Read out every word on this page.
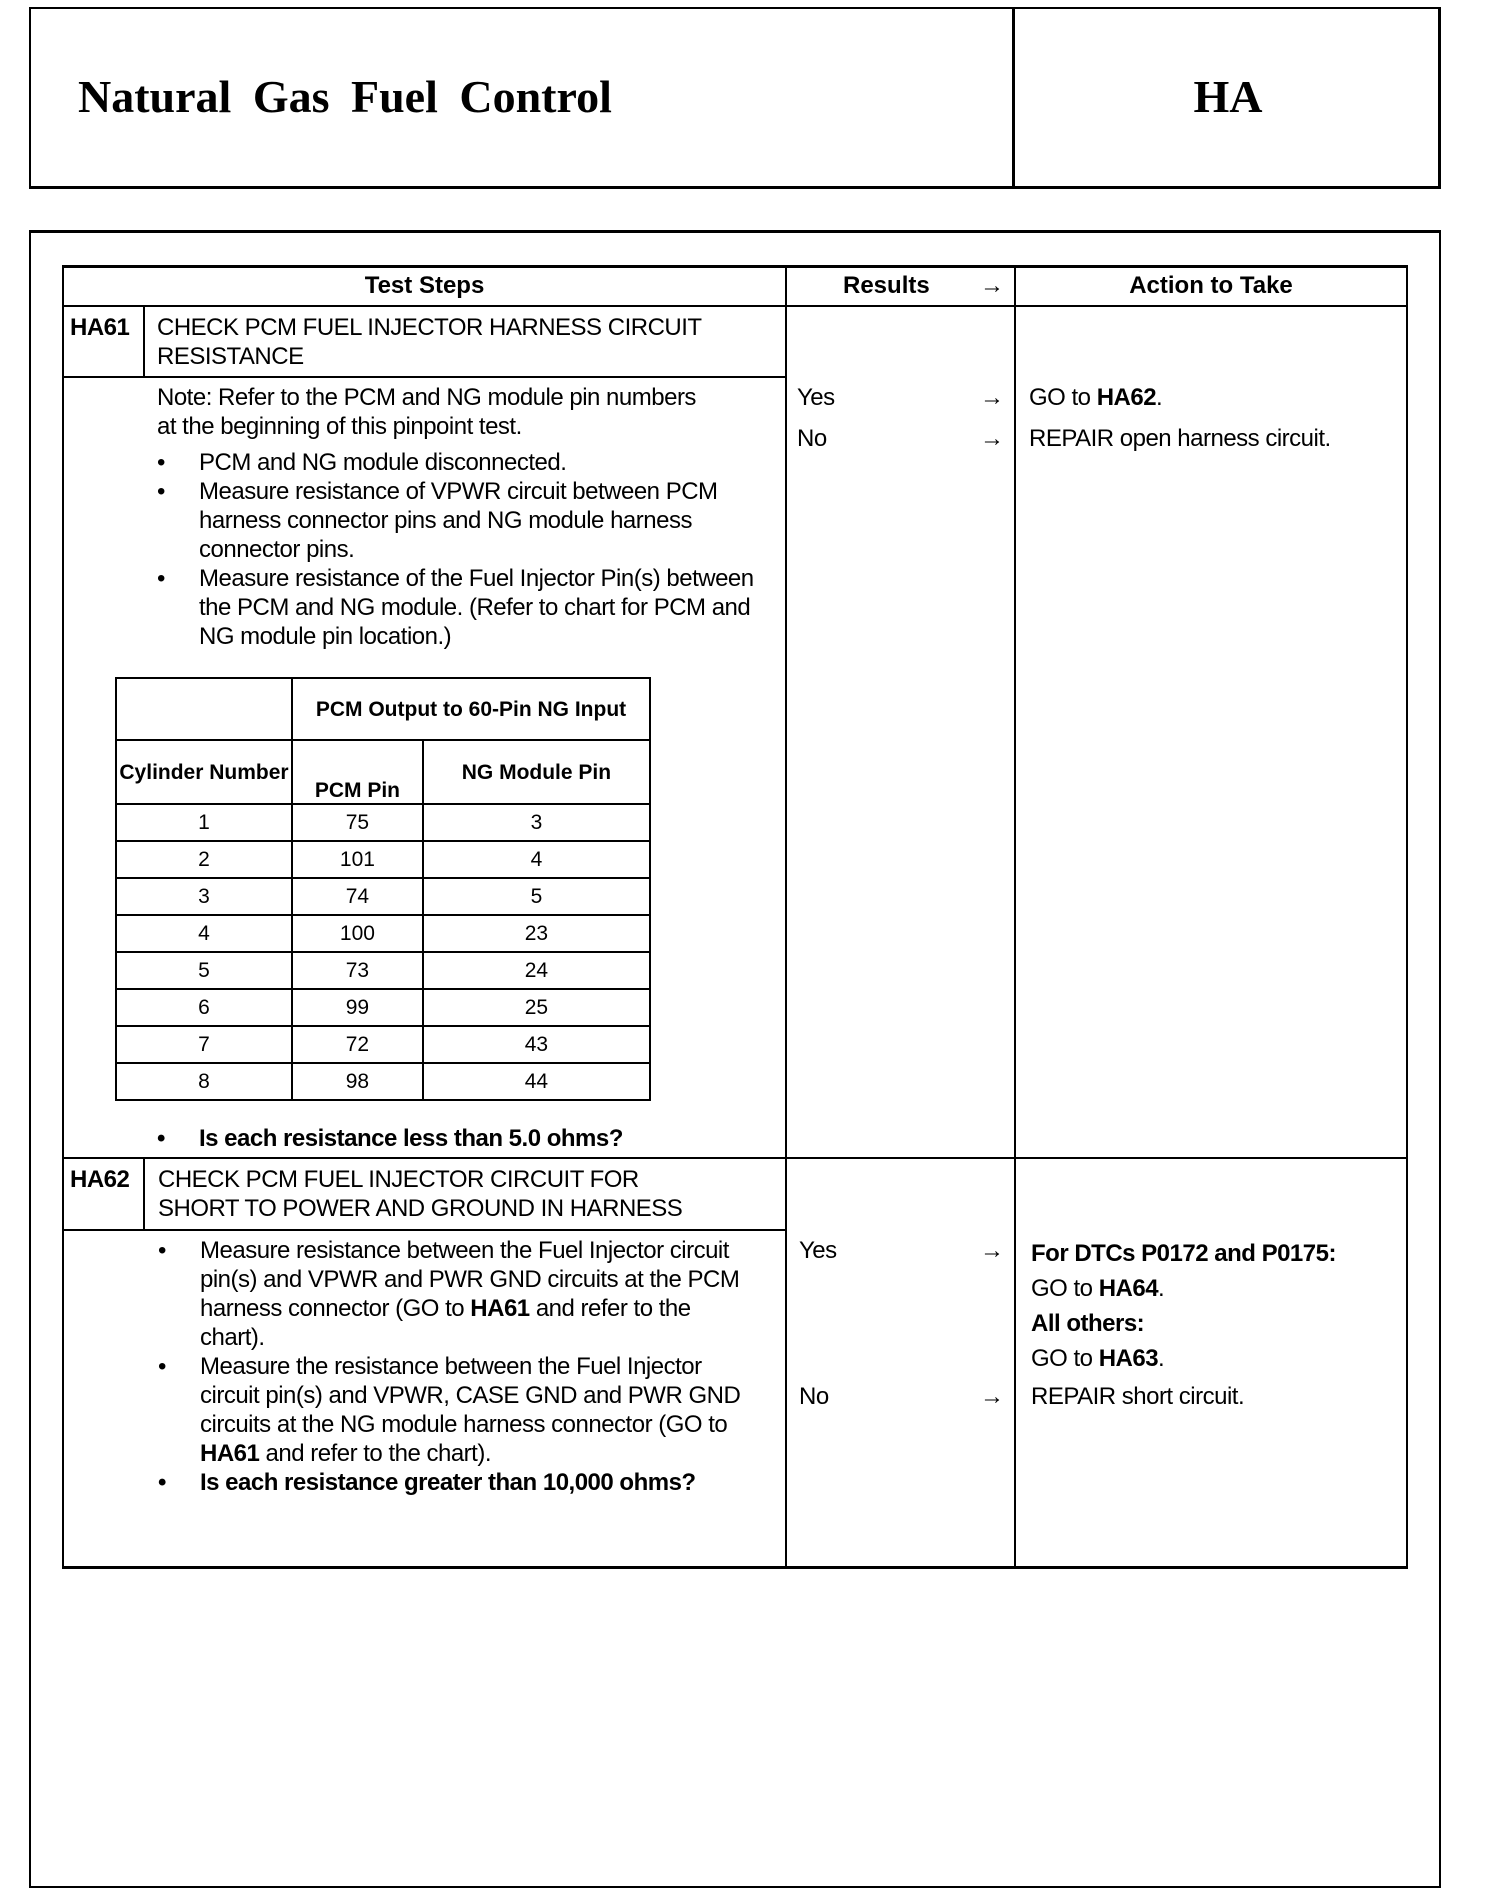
Natural Gas Fuel Control	HA
Test Steps	Results →	Action to Take
HA61 CHECK PCM FUEL INJECTOR HARNESS CIRCUIT
RESISTANCE
Note: Refer to the PCM and NG module pin numbers at the beginning of this pinpoint test.
• PCM and NG module disconnected.
• Measure resistance of VPWR circuit between PCM harness connector pins and NG module harness connector pins.
• Measure resistance of the Fuel Injector Pin(s) between the PCM and NG module. (Refer to chart for PCM and NG module pin location.)
	PCM Output to 60-Pin NG Input	
Cylinder Number	PCM Pin	NG Module Pin
1	75	3
2	101	4
3	74	5
4	100	23
5	73	24
6	99	25
7	72	43
8	98	44
• Is each resistance less than 5.0 ohms?
Yes	→ GO to HA62.
No	→ REPAIR open harness circuit.
HA62 CHECK PCM FUEL INJECTOR CIRCUIT FOR
SHORT TO POWER AND GROUND IN HARNESS
• Measure resistance between the Fuel Injector circuit pin(s) and VPWR and PWR GND circuits at the PCM harness connector (GO to HA61 and refer to the chart).
• Measure the resistance between the Fuel Injector circuit pin(s) and VPWR, CASE GND and PWR GND circuits at the NG module harness connector (GO to HA61 and refer to the chart).
• Is each resistance greater than 10,000 ohms?
Yes	→ For DTCs P0172 and P0175:
GO to HA64.
All others:
GO to HA63.
No	→ REPAIR short circuit.
